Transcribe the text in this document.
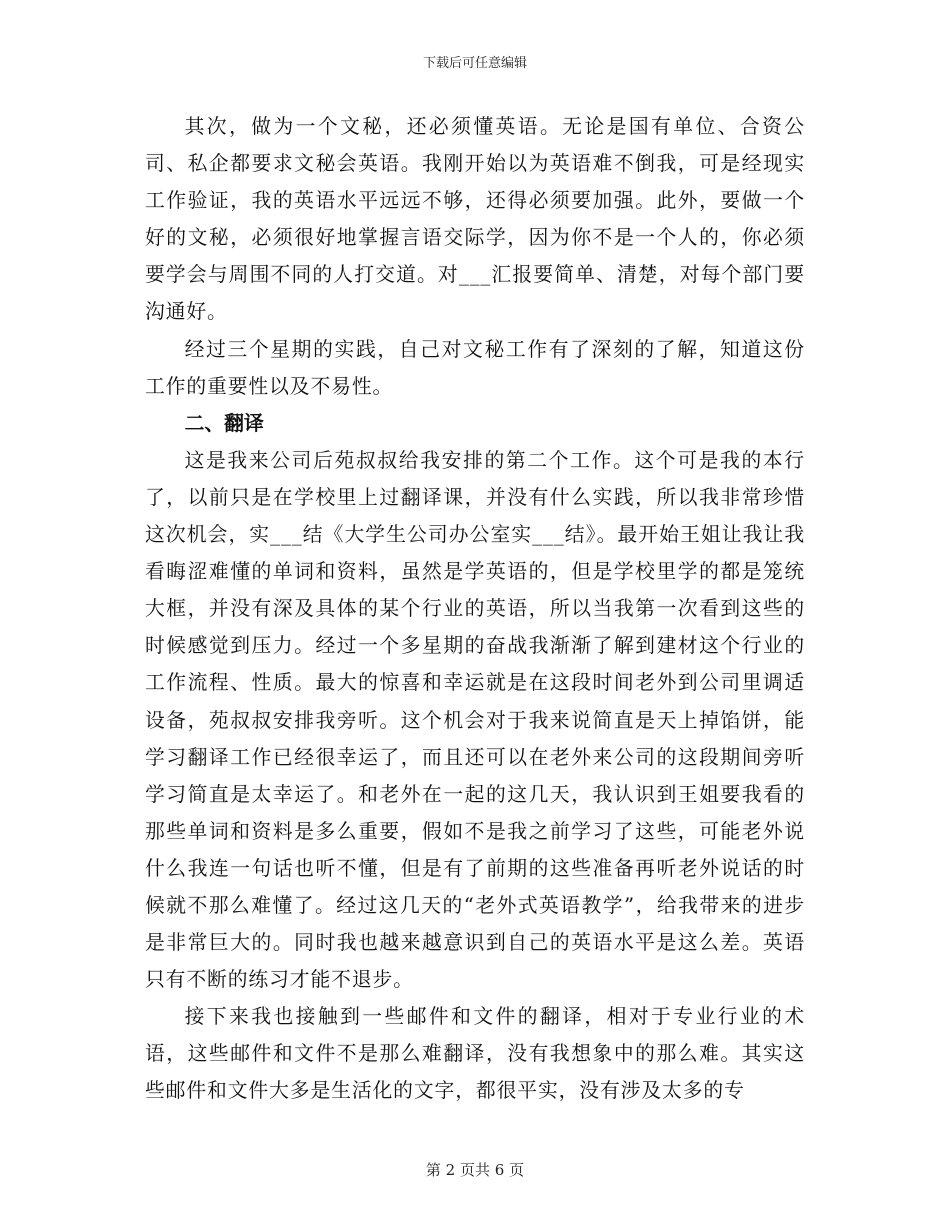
下载后可任意编辑

其次，做为一个文秘，还必须懂英语。无论是国有单位、合资公司、私企都要求文秘会英语。我刚开始以为英语难不倒我，可是经现实工作验证，我的英语水平远远不够，还得必须要加强。此外，要做一个好的文秘，必须很好地掌握言语交际学，因为你不是一个人的，你必须要学会与周围不同的人打交道。对___汇报要简单、清楚，对每个部门要沟通好。

经过三个星期的实践，自己对文秘工作有了深刻的了解，知道这份工作的重要性以及不易性。

二、翻译

这是我来公司后苑叔叔给我安排的第二个工作。这个可是我的本行了，以前只是在学校里上过翻译课，并没有什么实践，所以我非常珍惜这次机会，实___结《大学生公司办公室实___结》。最开始王姐让我让我看晦涩难懂的单词和资料，虽然是学英语的，但是学校里学的都是笼统大框，并没有深及具体的某个行业的英语，所以当我第一次看到这些的时候感觉到压力。经过一个多星期的奋战我渐渐了解到建材这个行业的工作流程、性质。最大的惊喜和幸运就是在这段时间老外到公司里调适设备，苑叔叔安排我旁听。这个机会对于我来说简直是天上掉馅饼，能学习翻译工作已经很幸运了，而且还可以在老外来公司的这段期间旁听学习简直是太幸运了。和老外在一起的这几天，我认识到王姐要我看的那些单词和资料是多么重要，假如不是我之前学习了这些，可能老外说什么我连一句话也听不懂，但是有了前期的这些准备再听老外说话的时候就不那么难懂了。经过这几天的“老外式英语教学”，给我带来的进步是非常巨大的。同时我也越来越意识到自己的英语水平是这么差。英语只有不断的练习才能不退步。

接下来我也接触到一些邮件和文件的翻译，相对于专业行业的术语，这些邮件和文件不是那么难翻译，没有我想象中的那么难。其实这些邮件和文件大多是生活化的文字，都很平实，没有涉及太多的专

第 2 页共 6 页
